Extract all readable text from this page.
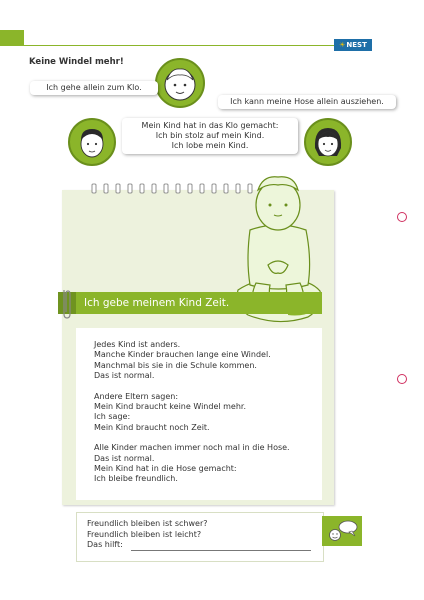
☀NEST
Keine Windel mehr!
Ich gehe allein zum Klo.
Ich kann meine Hose allein ausziehen.
Mein Kind hat in das Klo gemacht:
Ich bin stolz auf mein Kind.
Ich lobe mein Kind.
Ich gebe meinem Kind Zeit.
Jedes Kind ist anders.
Manche Kinder brauchen lange eine Windel.
Manchmal bis sie in die Schule kommen.
Das ist normal.
Andere Eltern sagen:
Mein Kind braucht keine Windel mehr.
Ich sage:
Mein Kind braucht noch Zeit.
Alle Kinder machen immer noch mal in die Hose.
Das ist normal.
Mein Kind hat in die Hose gemacht:
Ich bleibe freundlich.
Freundlich bleiben ist schwer?
Freundlich bleiben ist leicht?
Das hilft:
